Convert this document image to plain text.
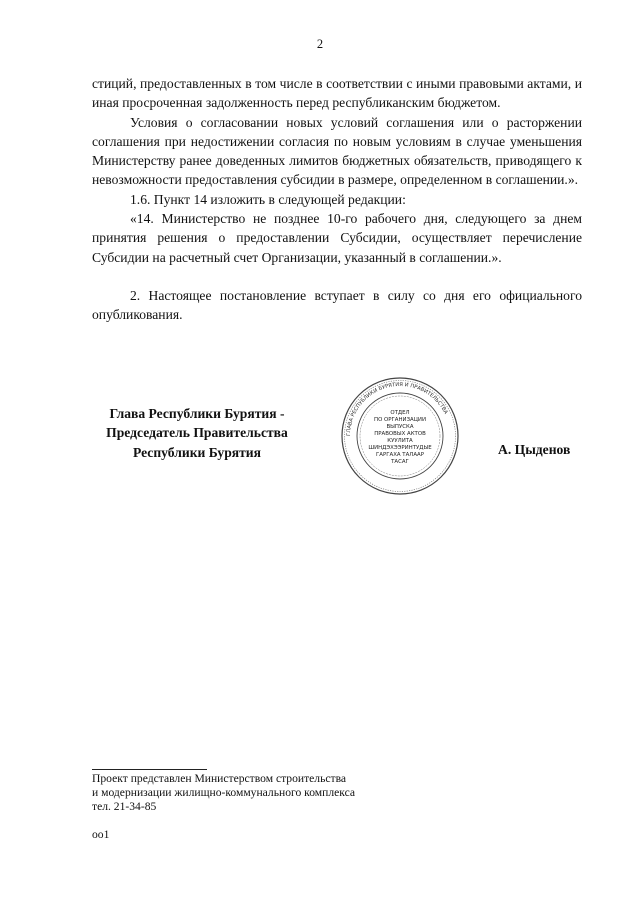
2

стиций, предоставленных в том числе в соответствии с иными правовыми актами, и иная просроченная задолженность перед республиканским бюджетом.

Условия о согласовании новых условий соглашения или о расторжении соглашения при недостижении согласия по новым условиям в случае уменьшения Министерству ранее доведенных лимитов бюджетных обязательств, приводящего к невозможности предоставления субсидии в размере, определенном в соглашении.».

1.6. Пункт 14 изложить в следующей редакции:

«14. Министерство не позднее 10-го рабочего дня, следующего за днем принятия решения о предоставлении Субсидии, осуществляет перечисление Субсидии на расчетный счет Организации, указанный в соглашении.».

2. Настоящее постановление вступает в силу со дня его официального опубликования.

Глава Республики Бурятия -
Председатель Правительства
Республики Бурятия
ГЛАВА РЕСПУБЛИКИ БУРЯТИЯ И ПРАВИТЕЛЬСТВА
ОТДЕЛ
ПО ОРГАНИЗАЦИИ
ВЫПУСКА
ПРАВОВЫХ АКТОВ
КУУЛИТА
ШИНДЭХЭЭРИНТУДЫЕ
ГАРГАХА ТАЛААР
ТАСАГ
А. Цыденов
Проект представлен Министерством строительства
и модернизации жилищно-коммунального комплекса
тел. 21-34-85
оо1
